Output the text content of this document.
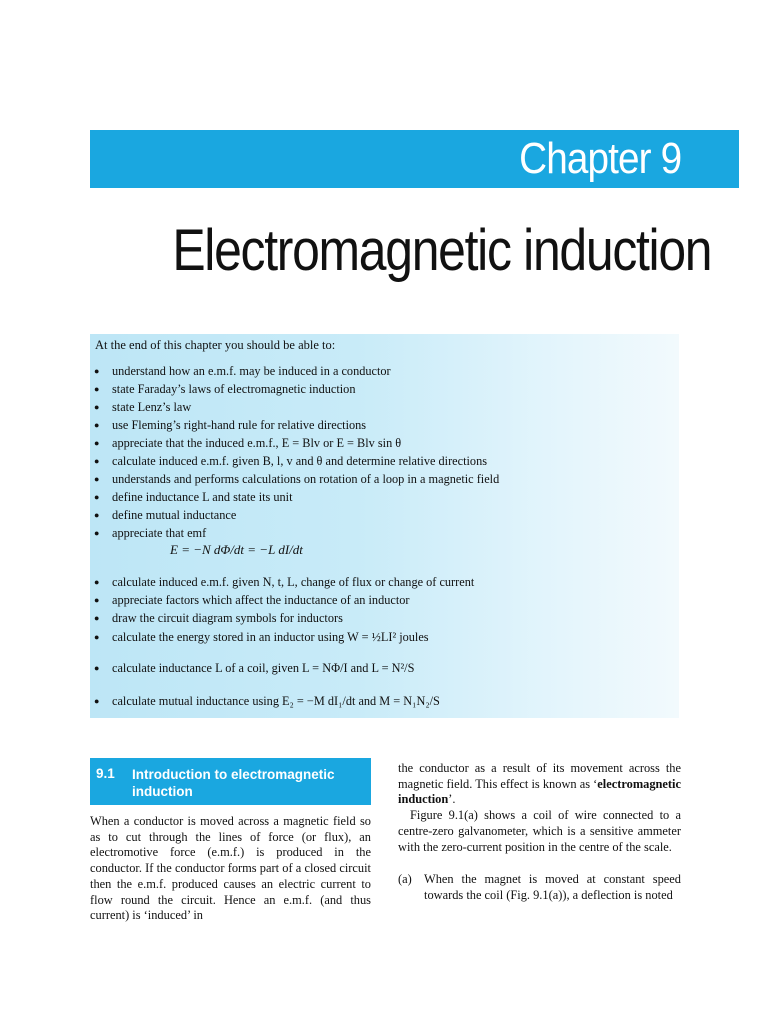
Chapter 9
Electromagnetic induction
At the end of this chapter you should be able to:
● understand how an e.m.f. may be induced in a conductor
● state Faraday’s laws of electromagnetic induction
● state Lenz’s law
● use Fleming’s right-hand rule for relative directions
● appreciate that the induced e.m.f., E = Blv or E = Blv sin θ
● calculate induced e.m.f. given B, l, v and θ and determine relative directions
● understands and performs calculations on rotation of a loop in a magnetic field
● define inductance L and state its unit
● define mutual inductance
● appreciate that emf
● calculate induced e.m.f. given N, t, L, change of flux or change of current
● appreciate factors which affect the inductance of an inductor
● draw the circuit diagram symbols for inductors
● calculate the energy stored in an inductor using W = ½LI² joules
● calculate inductance L of a coil, given L = NΦ/I and L = N²/S
● calculate mutual inductance using E₂ = −M dI₁/dt and M = N₁N₂/S
E = −N dΦ/dt = −L dI/dt
9.1 Introduction to electromagnetic induction

When a conductor is moved across a magnetic field so as to cut through the lines of force (or flux), an electromotive force (e.m.f.) is produced in the conductor. If the conductor forms part of a closed circuit then the e.m.f. produced causes an electric current to flow round the circuit. Hence an e.m.f. (and thus current) is ‘induced’ in

the conductor as a result of its movement across the magnetic field. This effect is known as ‘electromagnetic induction’.

Figure 9.1(a) shows a coil of wire connected to a centre-zero galvanometer, which is a sensitive ammeter with the zero-current position in the centre of the scale.

(a) When the magnet is moved at constant speed towards the coil (Fig. 9.1(a)), a deflection is noted
